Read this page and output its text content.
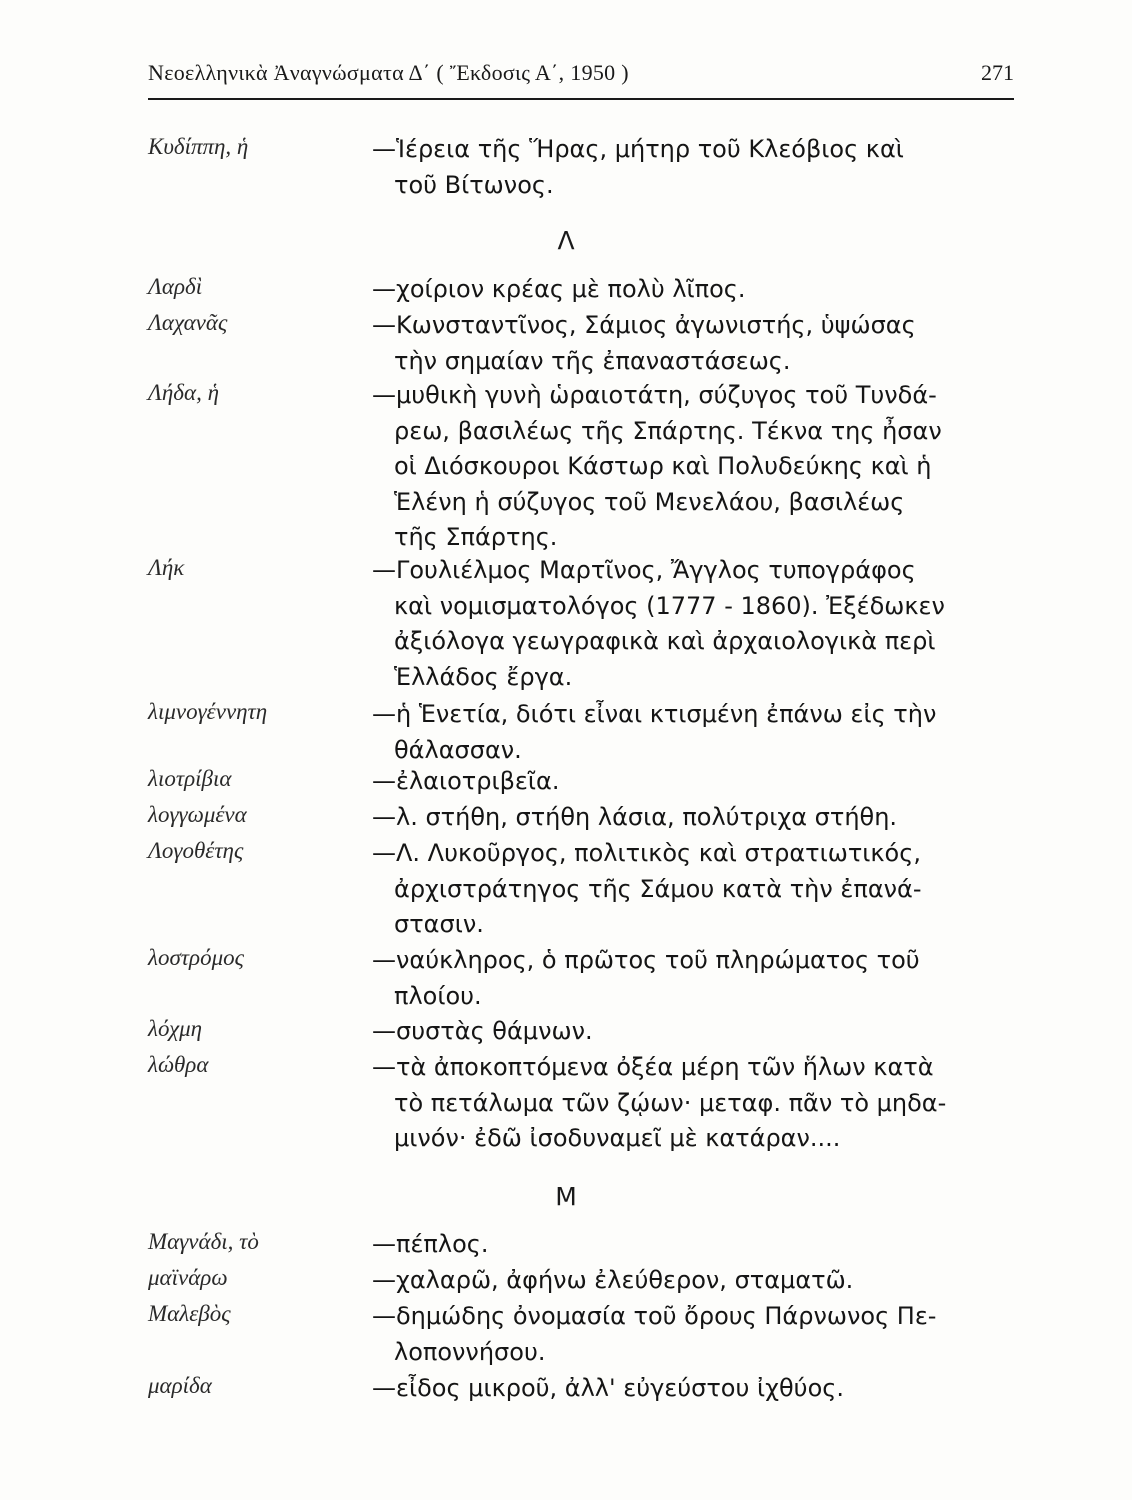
Νεοελληνικὰ Ἀναγνώσματα Δ΄ ( Ἔκδοσις Α΄, 1950 )	271
Λ
Μ
Κυδίππη, ἡ	—Ἱέρεια τῆς Ἥρας, μήτηρ τοῦ Κλεόβιος καὶ
τοῦ Βίτωνος.
Λαρδὶ	—χοίριον κρέας μὲ πολὺ λῖπος.
Λαχανᾶς	—Κωνσταντῖνος, Σάμιος ἀγωνιστής, ὑψώσας
τὴν σημαίαν τῆς ἐπαναστάσεως.
Λήδα, ἡ	—μυθικὴ γυνὴ ὡραιοτάτη, σύζυγος τοῦ Τυνδά-
ρεω, βασιλέως τῆς Σπάρτης. Τέκνα της ἦσαν
οἱ Διόσκουροι Κάστωρ καὶ Πολυδεύκης καὶ ἡ
Ἑλένη ἡ σύζυγος τοῦ Μενελάου, βασιλέως
τῆς Σπάρτης.
Λήκ	—Γουλιέλμος Μαρτῖνος, Ἄγγλος τυπογράφος
καὶ νομισματολόγος (1777 - 1860). Ἐξέδωκεν
ἀξιόλογα γεωγραφικὰ καὶ ἀρχαιολογικὰ περὶ
Ἑλλάδος ἔργα.
λιμνογέννητη	—ἡ Ἑνετία, διότι εἶναι κτισμένη ἐπάνω εἰς τὴν
θάλασσαν.
λιοτρίβια	—ἐλαιοτριβεῖα.
λογγωμένα	—λ. στήθη, στήθη λάσια, πολύτριχα στήθη.
Λογοθέτης	—Λ. Λυκοῦργος, πολιτικὸς καὶ στρατιωτικός,
ἀρχιστράτηγος τῆς Σάμου κατὰ τὴν ἐπανά-
στασιν.
λοστρόμος	—ναύκληρος, ὁ πρῶτος τοῦ πληρώματος τοῦ
πλοίου.
λόχμη	—συστὰς θάμνων.
λώθρα	—τὰ ἀποκοπτόμενα ὀξέα μέρη τῶν ἥλων κατὰ
τὸ πετάλωμα τῶν ζῴων· μεταφ. πᾶν τὸ μηδα-
μινόν· ἐδῶ ἰσοδυναμεῖ μὲ κατάραν....
Μαγνάδι, τὸ	—πέπλος.
μαϊνάρω	—χαλαρῶ, ἀφήνω ἐλεύθερον, σταματῶ.
Μαλεβὸς	—δημώδης ὀνομασία τοῦ ὄρους Πάρνωνος Πε-
λοποννήσου.
μαρίδα	—εἶδος μικροῦ, ἀλλ' εὐγεύστου ἰχθύος.
